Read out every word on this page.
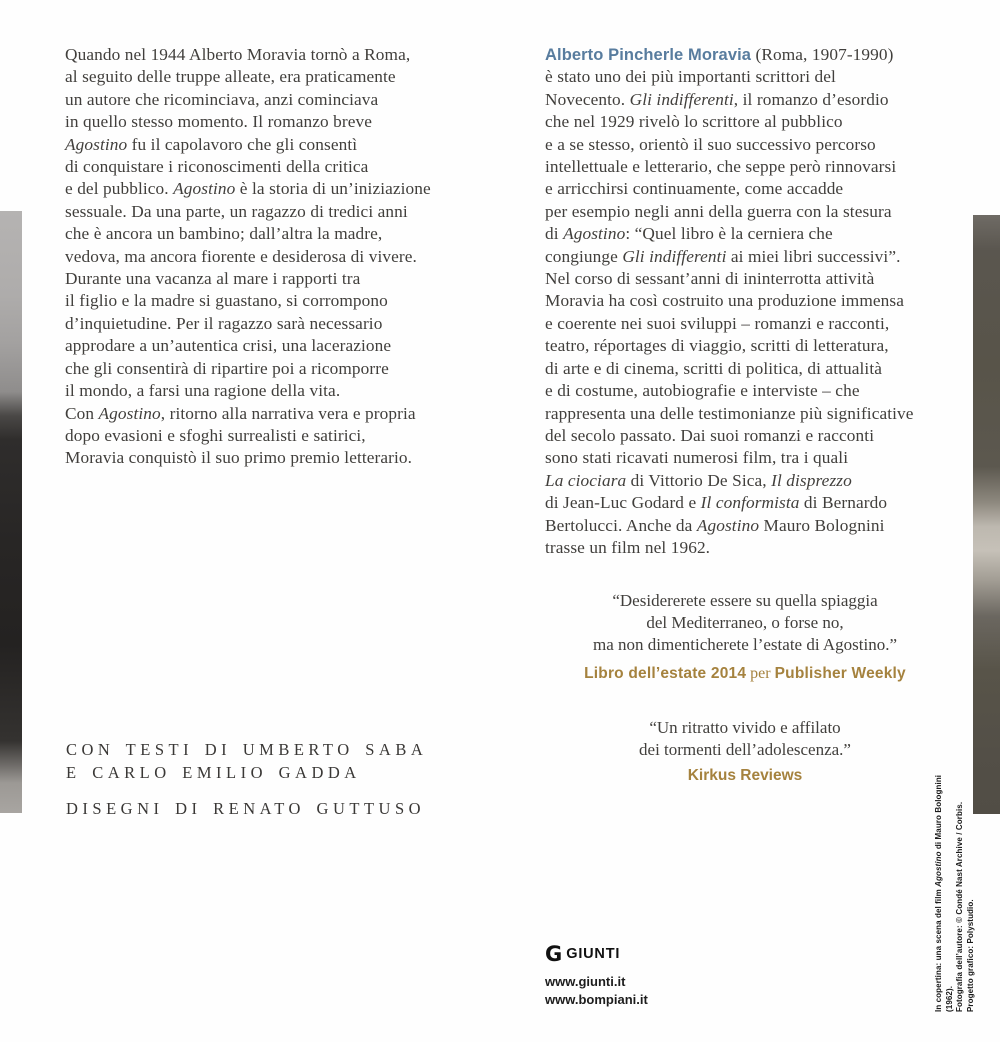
Quando nel 1944 Alberto Moravia tornò a Roma,
al seguito delle truppe alleate, era praticamente
un autore che ricominciava, anzi cominciava
in quello stesso momento. Il romanzo breve
Agostino fu il capolavoro che gli consentì
di conquistare i riconoscimenti della critica
e del pubblico. Agostino è la storia di un’iniziazione
sessuale. Da una parte, un ragazzo di tredici anni
che è ancora un bambino; dall’altra la madre,
vedova, ma ancora fiorente e desiderosa di vivere.
Durante una vacanza al mare i rapporti tra
il figlio e la madre si guastano, si corrompono
d’inquietudine. Per il ragazzo sarà necessario
approdare a un’autentica crisi, una lacerazione
che gli consentirà di ripartire poi a ricomporre
il mondo, a farsi una ragione della vita.
Con Agostino, ritorno alla narrativa vera e propria
dopo evasioni e sfoghi surrealisti e satirici,
Moravia conquistò il suo primo premio letterario.

CON TESTI DI UMBERTO SABA
E CARLO EMILIO GADDA
DISEGNI DI RENATO GUTTUSO

Alberto Pincherle Moravia (Roma, 1907-1990)
è stato uno dei più importanti scrittori del
Novecento. Gli indifferenti, il romanzo d’esordio
che nel 1929 rivelò lo scrittore al pubblico
e a se stesso, orientò il suo successivo percorso
intellettuale e letterario, che seppe però rinnovarsi
e arricchirsi continuamente, come accadde
per esempio negli anni della guerra con la stesura
di Agostino: “Quel libro è la cerniera che
congiunge Gli indifferenti ai miei libri successivi”.
Nel corso di sessant’anni di ininterrotta attività
Moravia ha così costruito una produzione immensa
e coerente nei suoi sviluppi – romanzi e racconti,
teatro, réportages di viaggio, scritti di letteratura,
di arte e di cinema, scritti di politica, di attualità
e di costume, autobiografie e interviste – che
rappresenta una delle testimonianze più significative
del secolo passato. Dai suoi romanzi e racconti
sono stati ricavati numerosi film, tra i quali
La ciociara di Vittorio De Sica, Il disprezzo
di Jean-Luc Godard e Il conformista di Bernardo
Bertolucci. Anche da Agostino Mauro Bolognini
trasse un film nel 1962.

“Desidererete essere su quella spiaggia
del Mediterraneo, o forse no,
ma non dimenticherete l’estate di Agostino.”
Libro dell’estate 2014 per Publisher Weekly
“Un ritratto vivido e affilato
dei tormenti dell’adolescenza.”
Kirkus Reviews
G GIUNTI
www.giunti.it
www.bompiani.it	In copertina: una scena del film Agostino di Mauro Bolognini (1962). Fotografia dell’autore: © Condé Nast Archive / Corbis. Progetto grafico: Polystudio.
